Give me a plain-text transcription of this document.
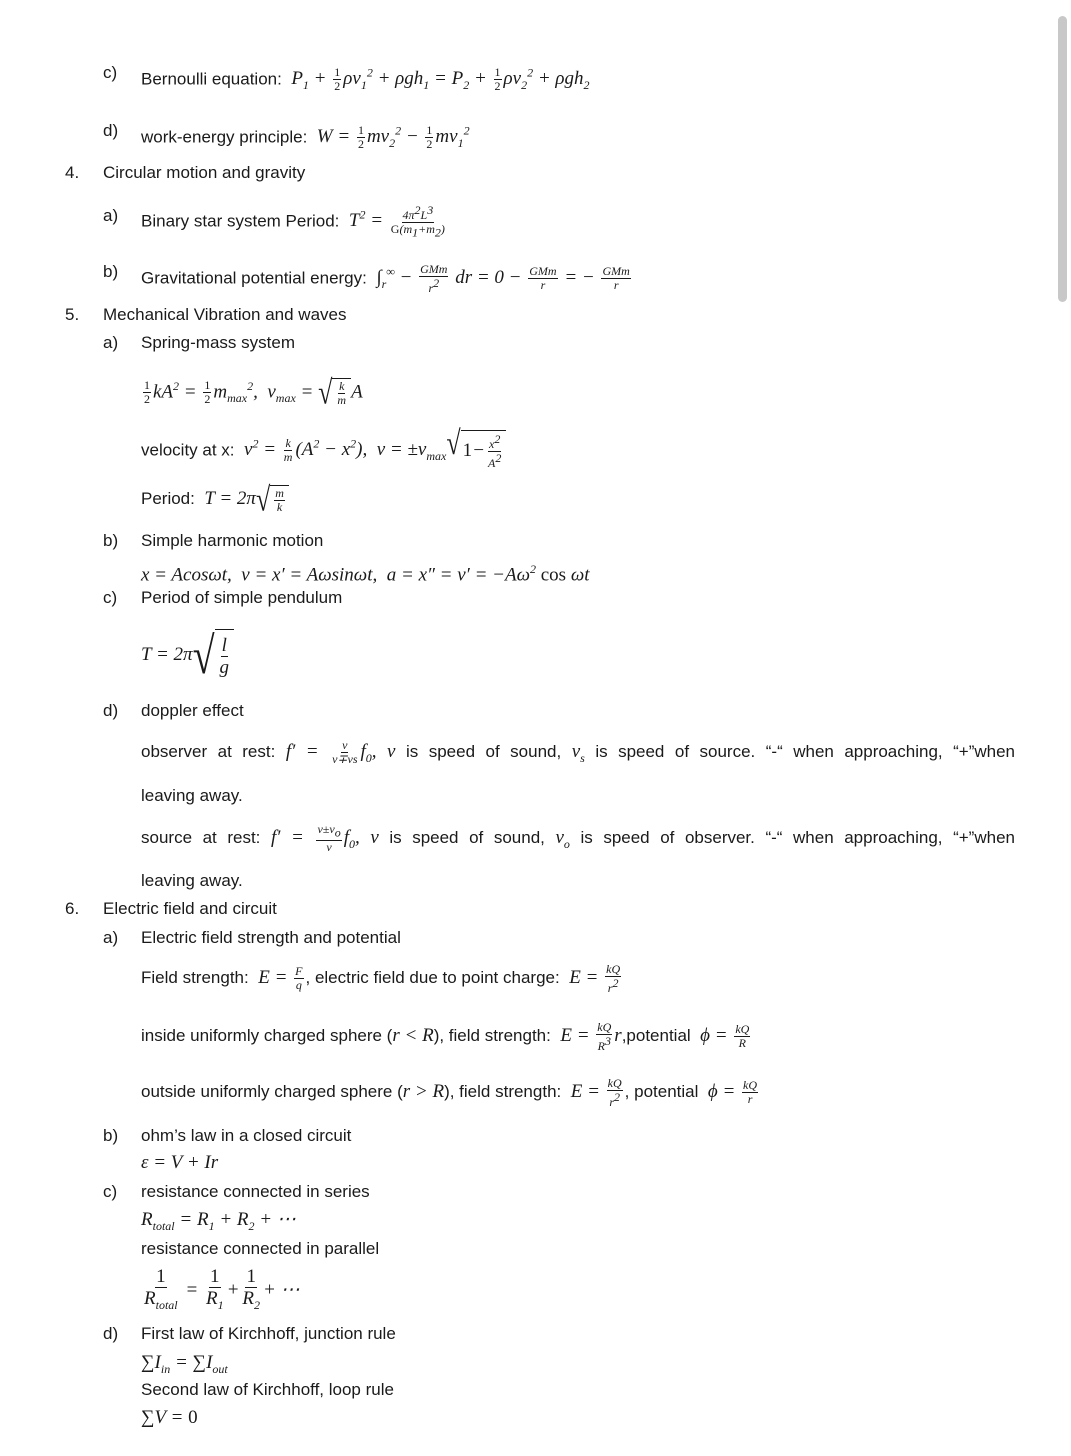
c) Bernoulli equation:  $P_1 + \frac{1}{2} \rho v_1^2 + \rho gh_1 = P_2 + \frac{1}{2} \rho v_2^2 + \rho gh_2$
d) work-energy principle:  $W = \frac{1}{2} mv_2^2 - \frac{1}{2} mv_1^2$
4. Circular motion and gravity
a) Binary star system Period:  $T^2 = \frac{4\pi^2L^3}{G(m_1+m_2)}$
b) Gravitational potential energy:  $\int_r^\infty$ − GMm
$r^2$ dr = 0 − GMm
r = − GMm
r
5. Mechanical Vibration and waves
a) Spring-mass system
$\frac{1}{2} kA^2 = \frac{1}{2} m_{max}^2$,  $v_{max}$ = √ k
m A
velocity at x:  $v^2 = \frac{k}{m} (A^2 - x^2)$,  $v = \pm v_{max}$ √ $1 - x^2$
$A^2$
Period:  T = 2π √ m
k
b) Simple harmonic motion
x = Acosωt,  v = x′ = Aωsinωt,  $a = x'' = v' = -A\omega^2$ cos ωt
c) Period of simple pendulum
T = 2π √ l
g
d) doppler effect
observer at rest: $f' = \frac{v}{v\mp vs} f_0$, v is speed of sound, $v_s$ is speed of source. “-“ when approaching, “+”when
leaving away.
source at rest: $f' = \frac{v\pm v_o}{v} f_0$, v is speed of sound, $v_o$ is speed of observer. “-“ when approaching, “+”when
leaving away.
6. Electric field and circuit
a) Electric field strength and potential
Field strength:  $E = \frac{F}{q}$ , electric field due to point charge:  $E = \frac{kQ}{r^2}$
inside uniformly charged sphere (r < R), field strength:  $E = \frac{kQ}{R^3}$ r,potential  $\phi = \frac{kQ}{R}$
outside uniformly charged sphere (r > R), field strength:  $E = \frac{kQ}{r^2}$ , potential  $\phi = \frac{kQ}{r}$
b) ohm’s law in a closed circuit
ε = V + Ir
c) resistance connected in series
$R_{total} = R_1 + R_2$ + ⋯
resistance connected in parallel
1
$R_{total}$
= $\frac{1}{R_1} + \frac{1}{R_2}$ + ⋯
d) First law of Kirchhoff, junction rule
$\sum I_{in} = \sum I_{out}$
Second law of Kirchhoff, loop rule
∑V = 0
